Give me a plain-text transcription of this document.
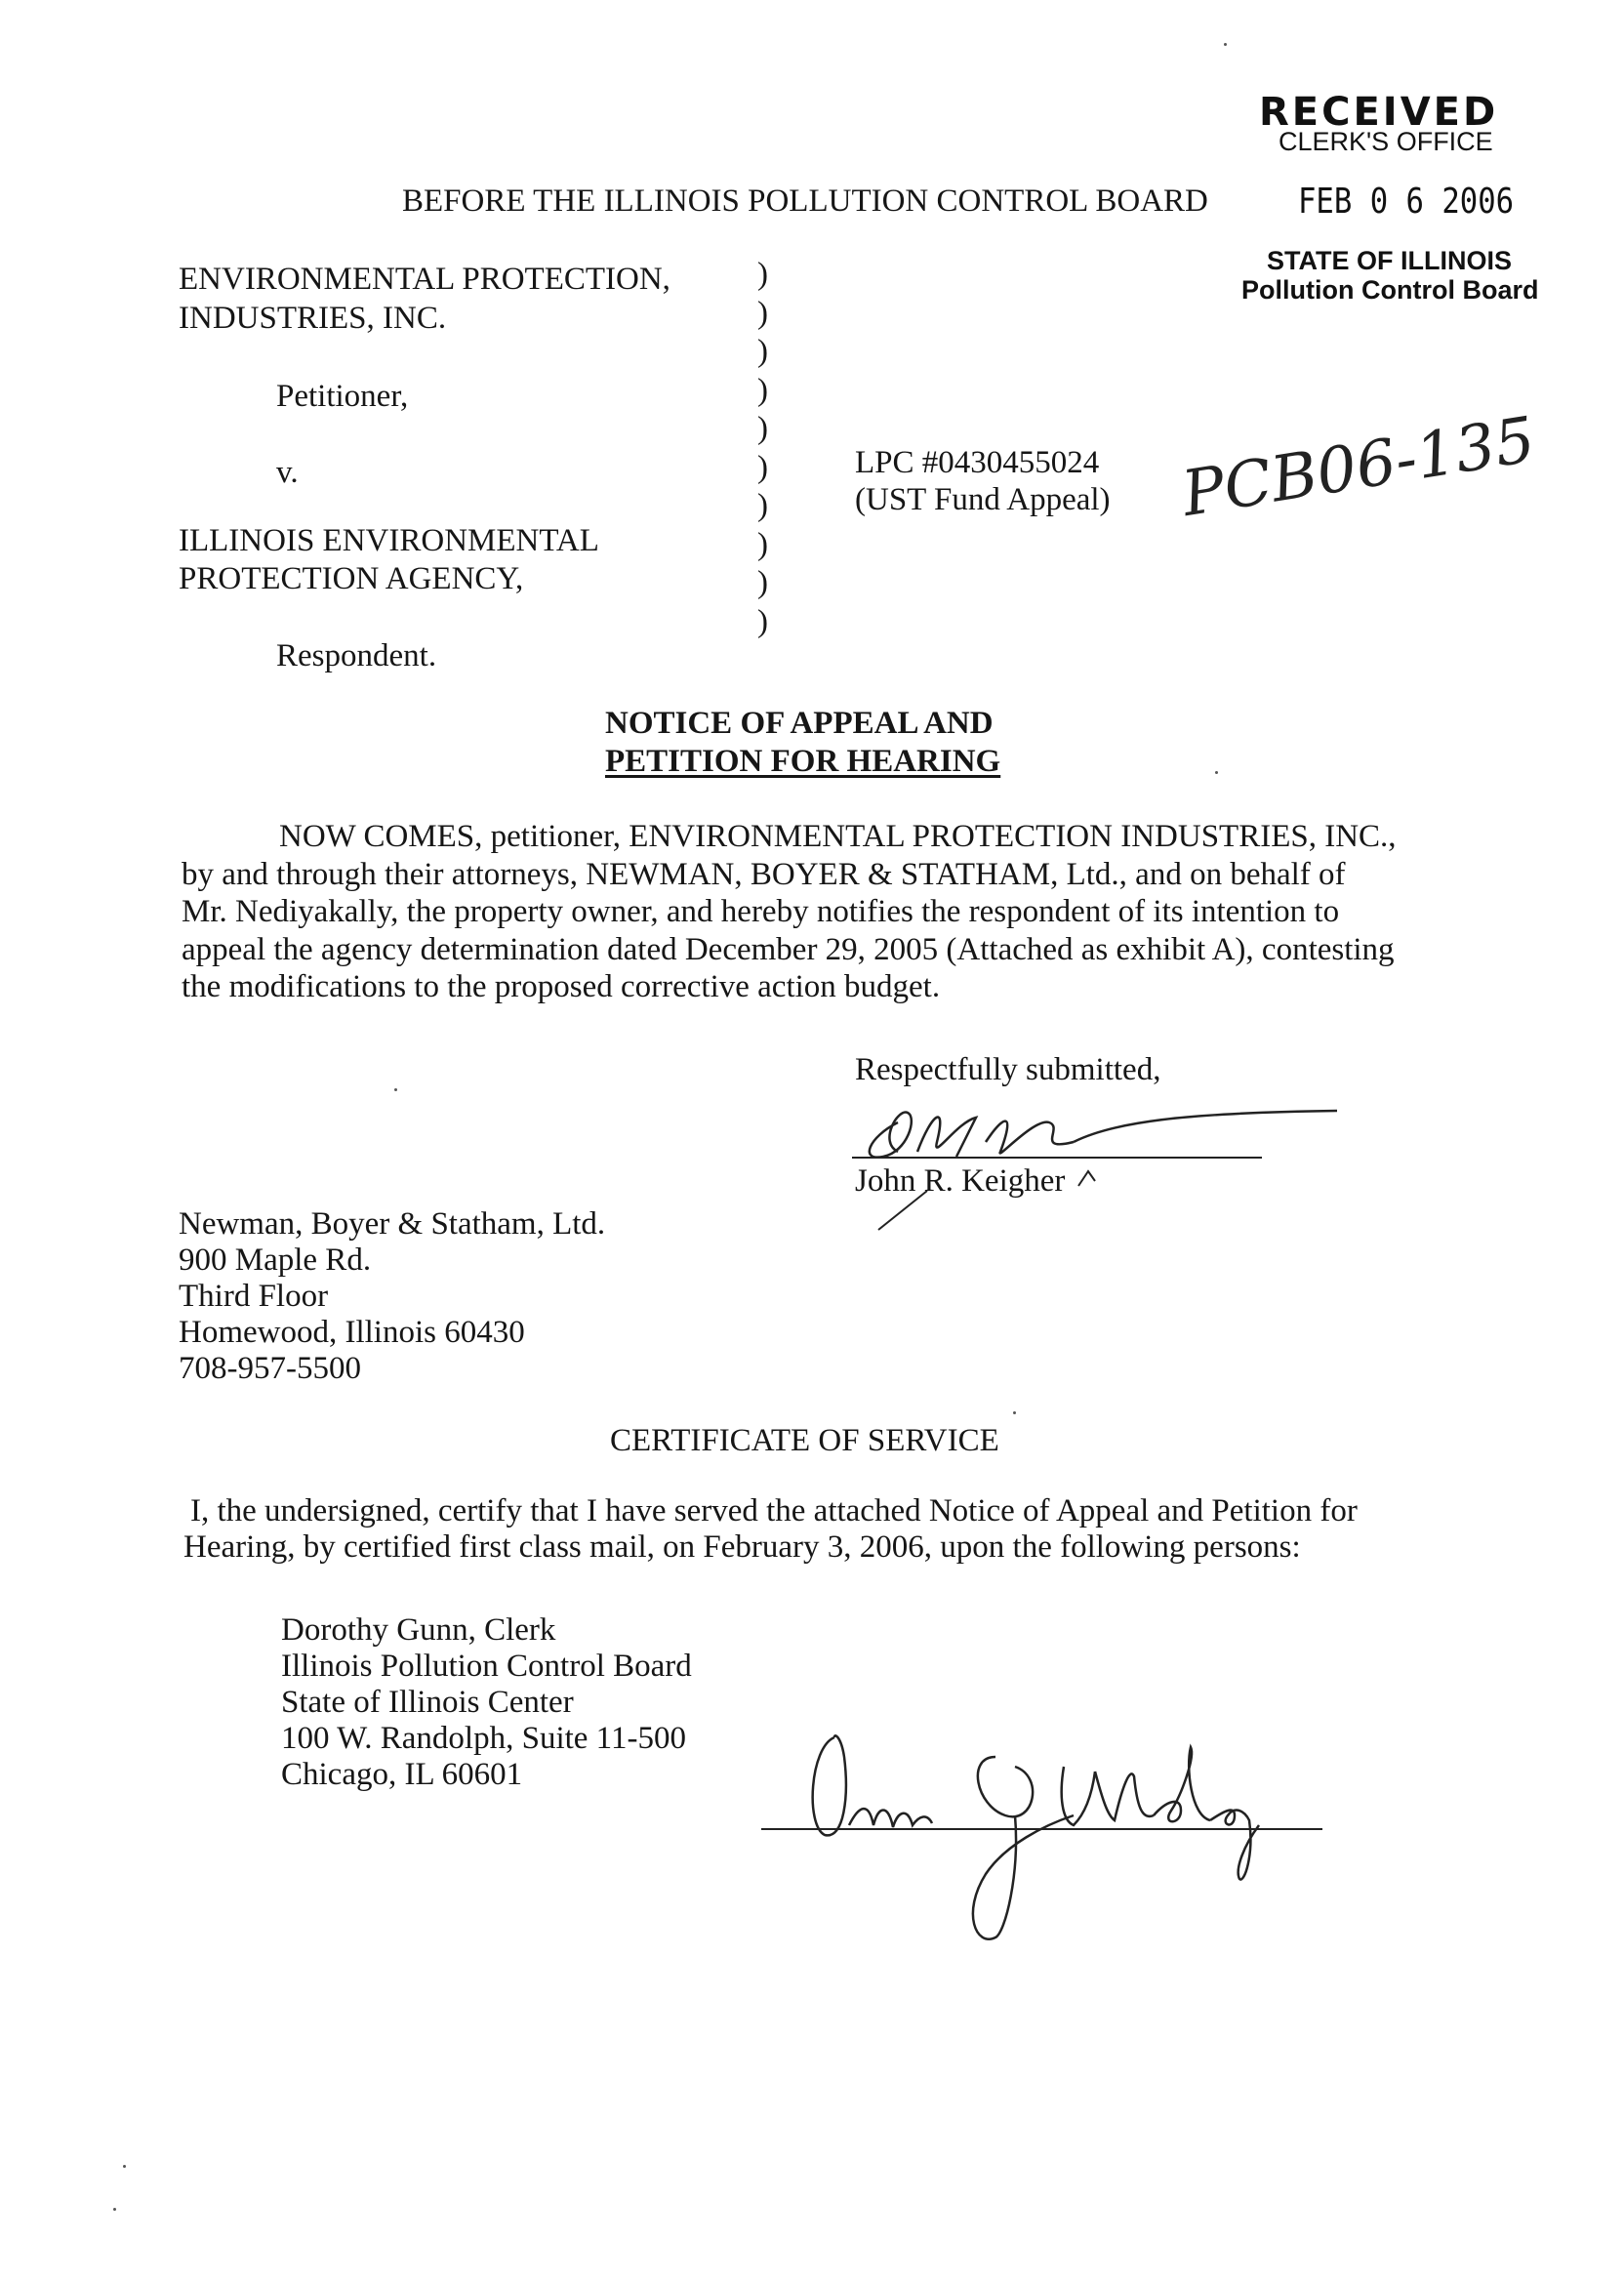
RECEIVED
CLERK'S OFFICE
FEB 0 6 2006
STATE OF ILLINOIS
Pollution Control Board
PCB06-135
BEFORE THE ILLINOIS POLLUTION CONTROL BOARD
ENVIRONMENTAL PROTECTION,
INDUSTRIES, INC.
Petitioner,
v.
ILLINOIS ENVIRONMENTAL
PROTECTION AGENCY,
Respondent.
)
)
)
)
)
)
)
)
)
)
LPC #0430455024
(UST Fund Appeal)
NOTICE OF APPEAL AND
PETITION FOR HEARING
NOW COMES, petitioner, ENVIRONMENTAL PROTECTION INDUSTRIES, INC.,
by and through their attorneys, NEWMAN, BOYER & STATHAM, Ltd., and on behalf of
Mr. Nediyakally, the property owner, and hereby notifies the respondent of its intention to
appeal the agency determination dated December 29, 2005 (Attached as exhibit A), contesting
the modifications to the proposed corrective action budget.
Respectfully submitted,
John R. Keigher
Newman, Boyer & Statham, Ltd.
900 Maple Rd.
Third Floor
Homewood, Illinois 60430
708-957-5500
CERTIFICATE OF SERVICE
I, the undersigned, certify that I have served the attached Notice of Appeal and Petition for
Hearing, by certified first class mail, on February 3, 2006, upon the following persons:
Dorothy Gunn, Clerk
Illinois Pollution Control Board
State of Illinois Center
100 W. Randolph, Suite 11-500
Chicago, IL 60601
